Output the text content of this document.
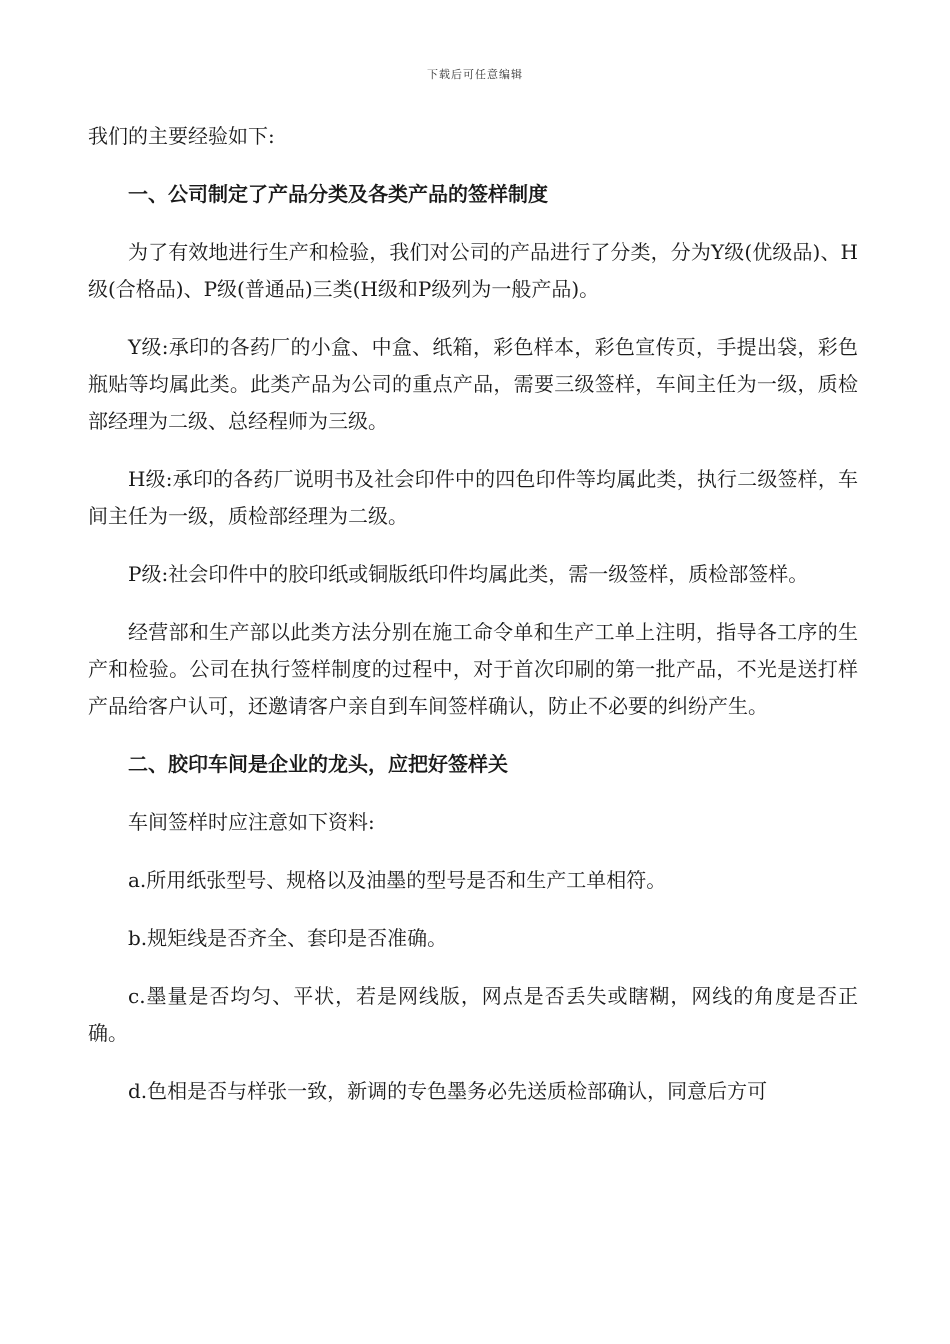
下载后可任意编辑

我们的主要经验如下:

一、公司制定了产品分类及各类产品的签样制度

为了有效地进行生产和检验，我们对公司的产品进行了分类，分为Y级(优级品)、H级(合格品)、P级(普通品)三类(H级和P级列为一般产品)。

Y级:承印的各药厂的小盒、中盒、纸箱，彩色样本，彩色宣传页，手提出袋，彩色瓶贴等均属此类。此类产品为公司的重点产品，需要三级签样，车间主任为一级，质检部经理为二级、总经程师为三级。

H级:承印的各药厂说明书及社会印件中的四色印件等均属此类，执行二级签样，车间主任为一级，质检部经理为二级。

P级:社会印件中的胶印纸或铜版纸印件均属此类，需一级签样，质检部签样。

经营部和生产部以此类方法分别在施工命令单和生产工单上注明，指导各工序的生产和检验。公司在执行签样制度的过程中，对于首次印刷的第一批产品，不光是送打样产品给客户认可，还邀请客户亲自到车间签样确认，防止不必要的纠纷产生。

二、胶印车间是企业的龙头，应把好签样关

车间签样时应注意如下资料:

a.所用纸张型号、规格以及油墨的型号是否和生产工单相符。

b.规矩线是否齐全、套印是否准确。

c.墨量是否均匀、平状，若是网线版，网点是否丢失或瞎糊，网线的角度是否正确。

d.色相是否与样张一致，新调的专色墨务必先送质检部确认，同意后方可
